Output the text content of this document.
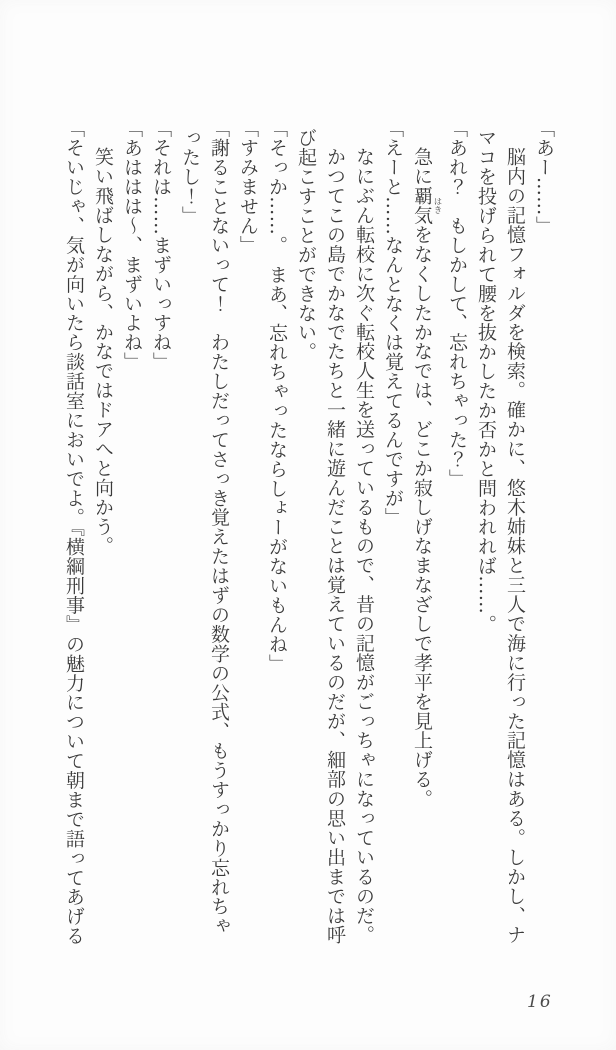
「あー……」

脳内の記憶フォルダを検索。確かに、悠木姉妹と三人で海に行った記憶はある。しかし、ナマコを投げられて腰を抜かしたか否かと問われれば……。

「あれ？　もしかして、忘れちゃった？」

急に覇気 はきをなくしたかなでは、どこか寂しげなまなざしで孝平を見上げる。

「えーと……なんとなくは覚えてるんですが」

なにぶん転校に次ぐ転校人生を送っているもので、昔の記憶がごっちゃになっているのだ。

かつてこの島でかなでたちと一緒に遊んだことは覚えているのだが、細部の思い出までは呼び起こすことができない。

「そっか……。　まあ、忘れちゃったならしょーがないもんね」

「すみません」

「謝ることないって！　わたしだってさっき覚えたはずの数学の公式、もうすっかり忘れちゃったし！」

「それは……まずいっすね」

「あははは～、まずいよね」

笑い飛ばしながら、かなではドアへと向かう。

「そいじゃ、気が向いたら談話室においでよ。『横綱刑事』の魅力について朝まで語ってあげる

16
